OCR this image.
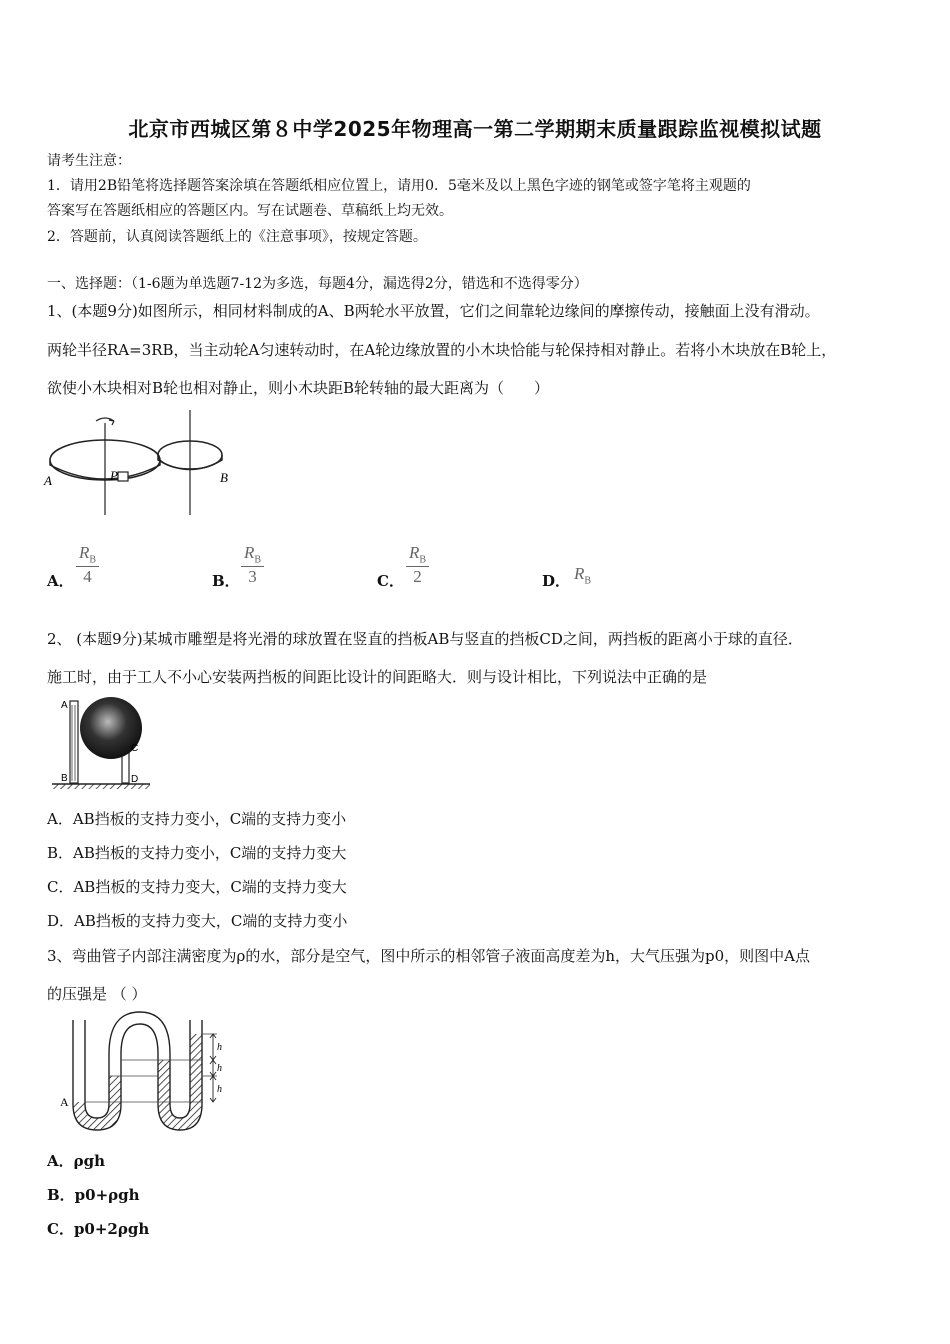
北京市西城区第８中学2025年物理高一第二学期期末质量跟踪监视模拟试题
请考生注意：
1．请用2B铅笔将选择题答案涂填在答题纸相应位置上，请用0．5毫米及以上黑色字迹的钢笔或签字笔将主观题的
答案写在答题纸相应的答题区内。写在试题卷、草稿纸上均无效。
2．答题前，认真阅读答题纸上的《注意事项》，按规定答题。
一、选择题：（1-6题为单选题7-12为多选，每题4分，漏选得2分，错选和不选得零分）
1、(本题9分)如图所示，相同材料制成的A、B两轮水平放置，它们之间靠轮边缘间的摩擦传动，接触面上没有滑动。
两轮半径RA=3RB，当主动轮A匀速转动时，在A轮边缘放置的小木块恰能与轮保持相对静止。若将小木块放在B轮上，
欲使小木块相对B轮也相对静止，则小木块距B轮转轴的最大距离为（　　）
A	P	B
A． $\frac{R_B}{4}$	B． $\frac{R_B}{3}$	C． $\frac{R_B}{2}$	D． $R_B$
2、 (本题9分)某城市雕塑是将光滑的球放置在竖直的挡板AB与竖直的挡板CD之间，两挡板的距离小于球的直径．
施工时，由于工人不小心安装两挡板的间距比设计的间距略大．则与设计相比，下列说法中正确的是
A
B
C
D
A．AB挡板的支持力变小，C端的支持力变小
B．AB挡板的支持力变小，C端的支持力变大
C．AB挡板的支持力变大，C端的支持力变大
D．AB挡板的支持力变大，C端的支持力变小
3、弯曲管子内部注满密度为ρ的水，部分是空气，图中所示的相邻管子液面高度差为h，大气压强为p0，则图中A点
的压强是 （ ）
h
h
h
A
A．ρgh
B．p0+ρgh
C．p0+2ρgh
